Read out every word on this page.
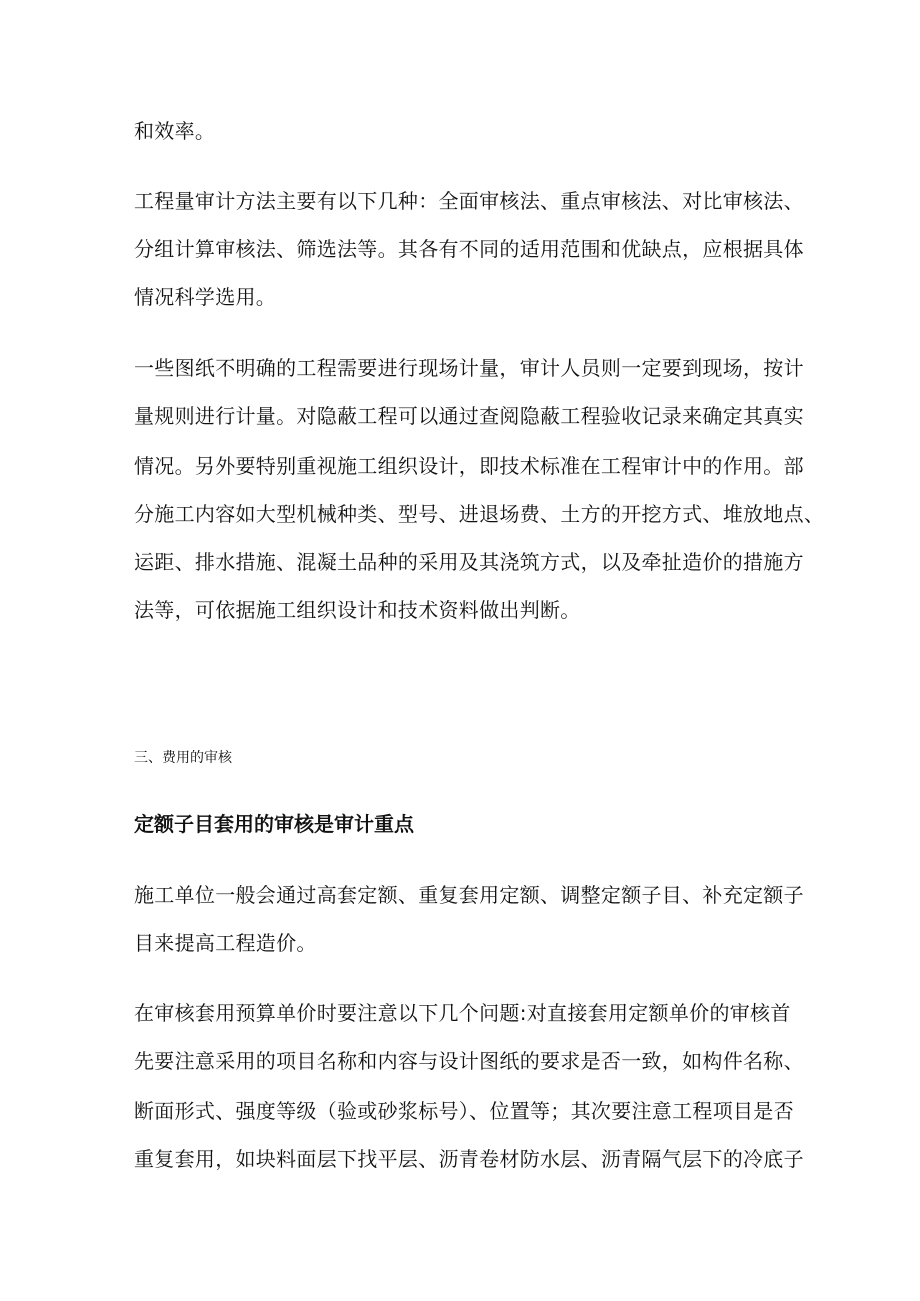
和效率。
工程量审计方法主要有以下几种：全面审核法、重点审核法、对比审核法、
分组计算审核法、筛选法等。其各有不同的适用范围和优缺点，应根据具体
情况科学选用。
一些图纸不明确的工程需要进行现场计量，审计人员则一定要到现场，按计
量规则进行计量。对隐蔽工程可以通过查阅隐蔽工程验收记录来确定其真实
情况。另外要特别重视施工组织设计，即技术标准在工程审计中的作用。部
分施工内容如大型机械种类、型号、进退场费、土方的开挖方式、堆放地点、
运距、排水措施、混凝土品种的采用及其浇筑方式，以及牵扯造价的措施方
法等，可依据施工组织设计和技术资料做出判断。
三、费用的审核
定额子目套用的审核是审计重点
施工单位一般会通过高套定额、重复套用定额、调整定额子目、补充定额子
目来提高工程造价。
在审核套用预算单价时要注意以下几个问题:对直接套用定额单价的审核首
先要注意采用的项目名称和内容与设计图纸的要求是否一致，如构件名称、
断面形式、强度等级（验或砂浆标号）、位置等；其次要注意工程项目是否
重复套用，如块料面层下找平层、沥青卷材防水层、沥青隔气层下的冷底子
